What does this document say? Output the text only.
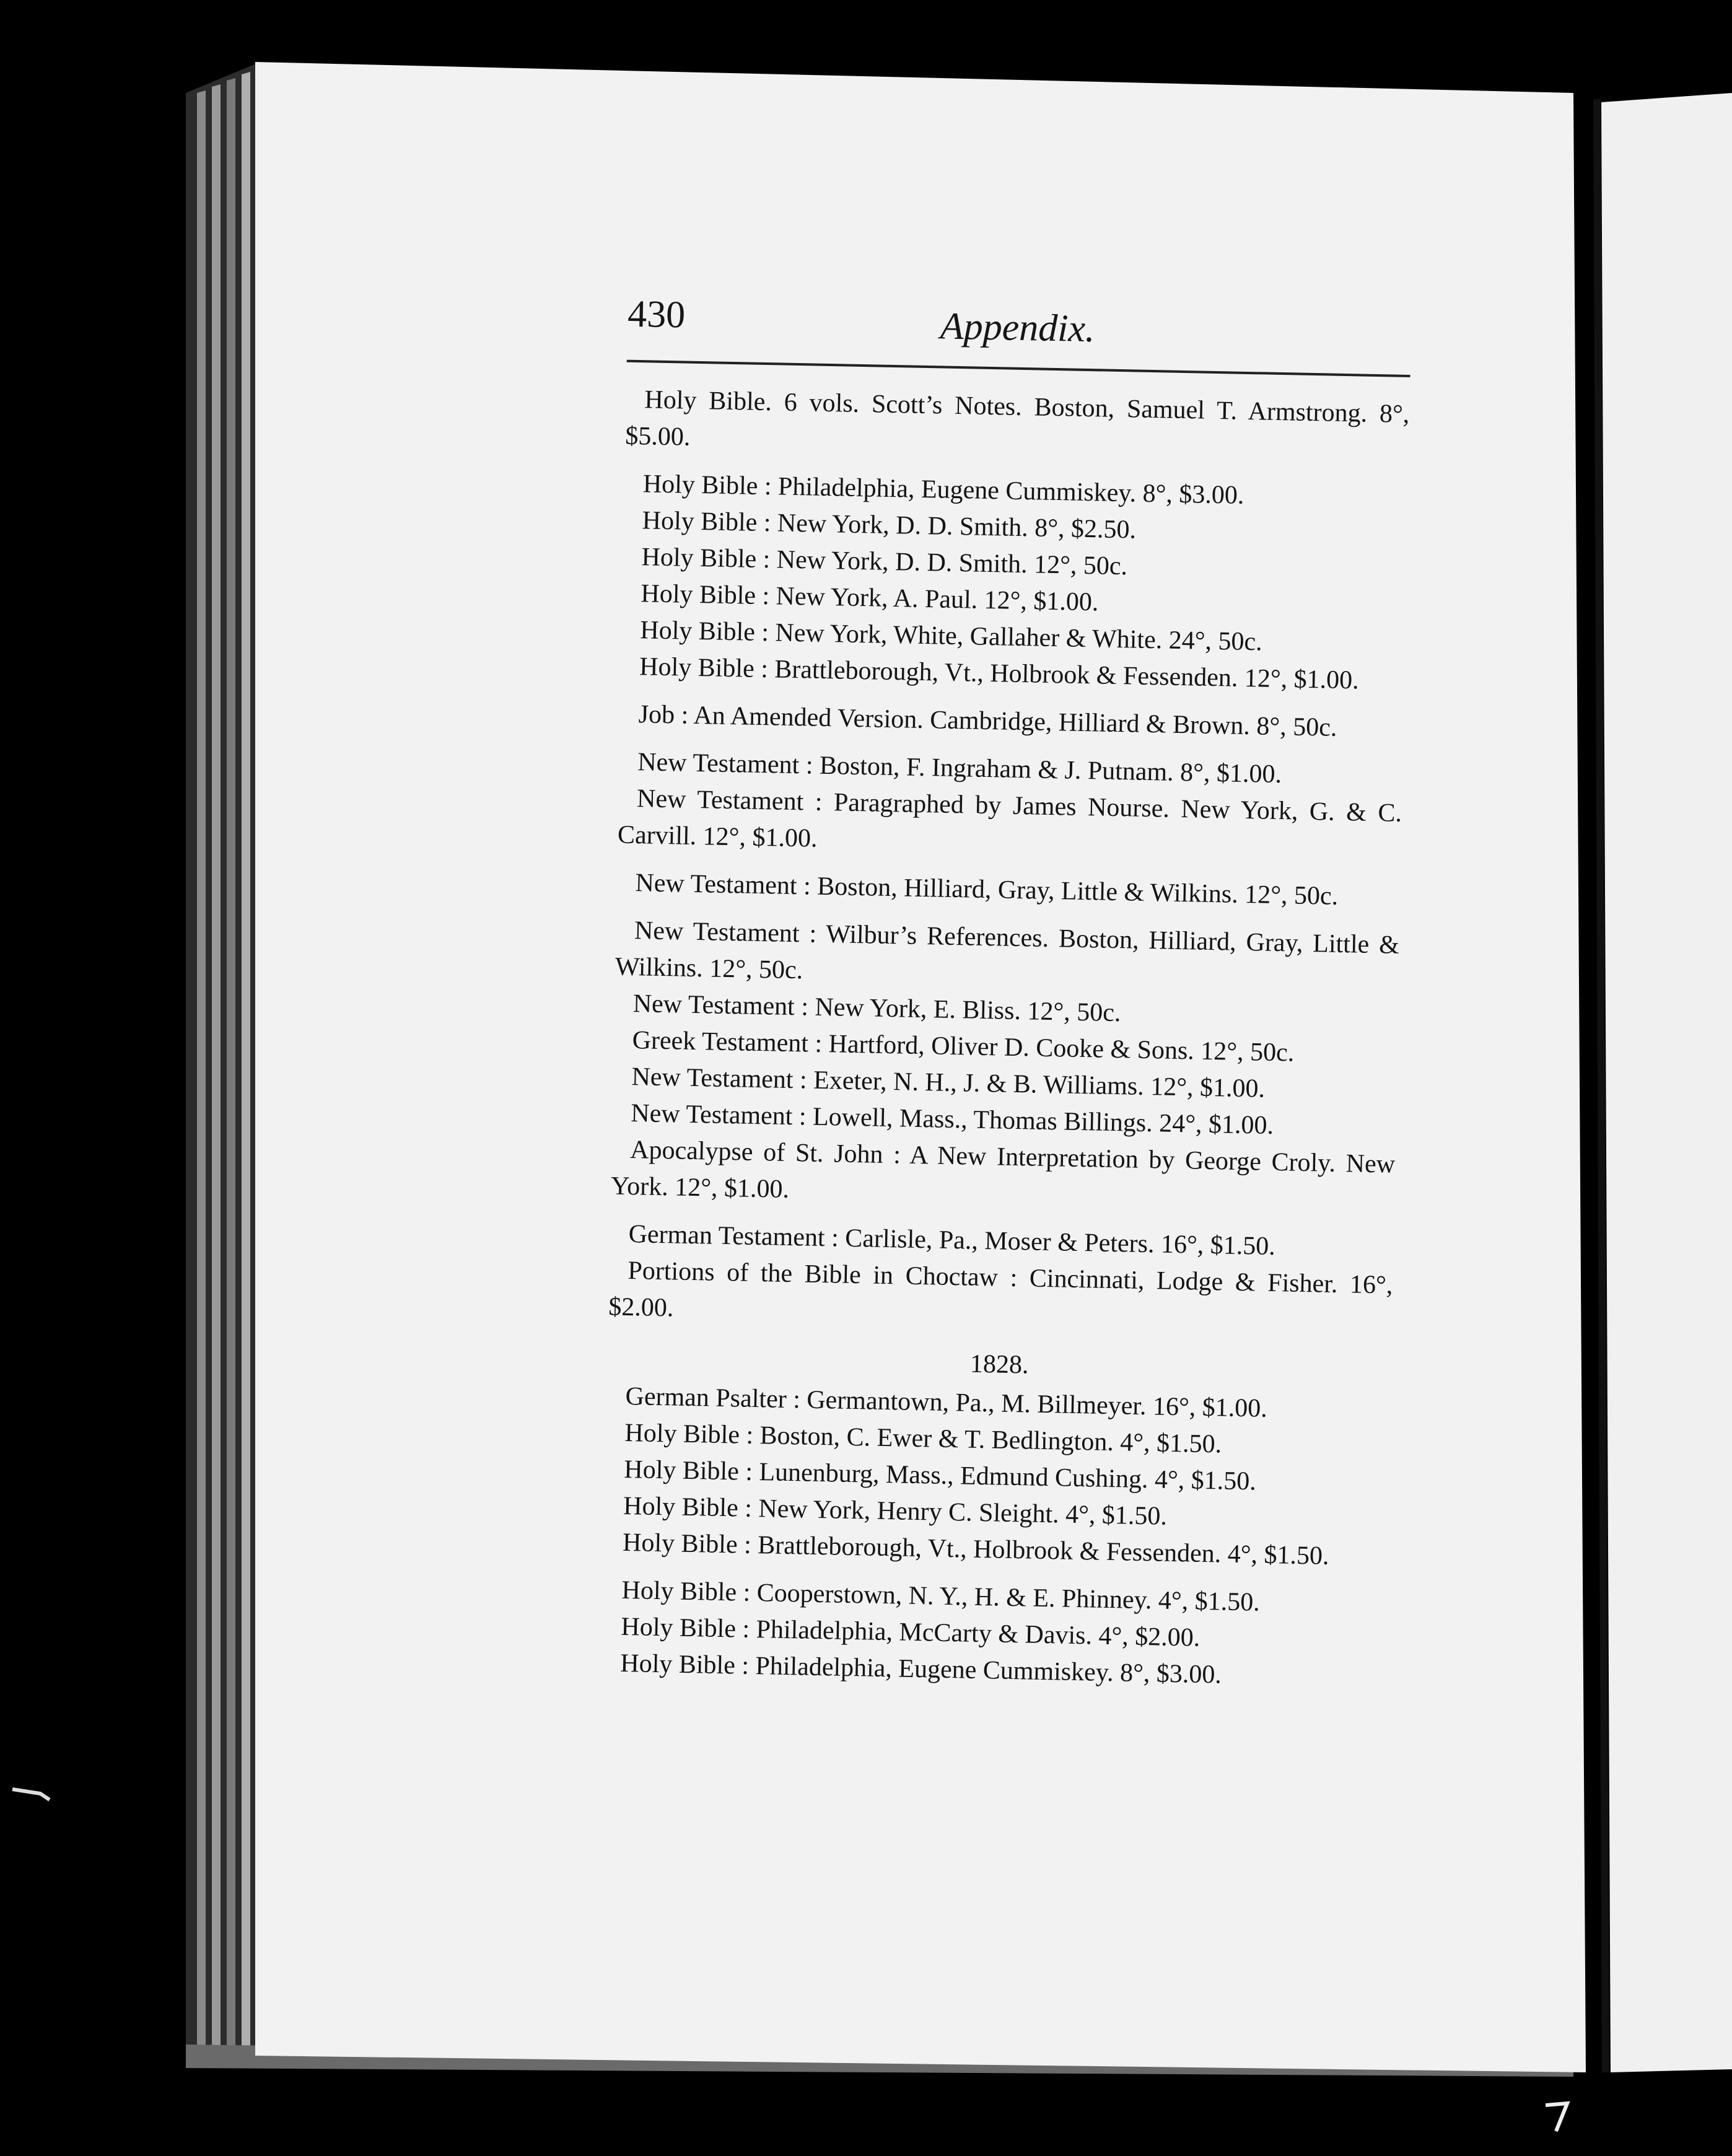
430	Appendix.

Holy Bible. 6 vols. Scott’s Notes. Boston, Samuel T. Armstrong. 8°, $5.00.

Holy Bible : Philadelphia, Eugene Cummiskey. 8°, $3.00.

Holy Bible : New York, D. D. Smith. 8°, $2.50.

Holy Bible : New York, D. D. Smith. 12°, 50c.

Holy Bible : New York, A. Paul. 12°, $1.00.

Holy Bible : New York, White, Gallaher & White. 24°, 50c.

Holy Bible : Brattleborough, Vt., Holbrook & Fessenden. 12°, $1.00.

Job : An Amended Version. Cambridge, Hilliard & Brown. 8°, 50c.

New Testament : Boston, F. Ingraham & J. Putnam. 8°, $1.00.

New Testament : Paragraphed by James Nourse. New York, G. & C. Carvill. 12°, $1.00.

New Testament : Boston, Hilliard, Gray, Little & Wilkins. 12°, 50c.

New Testament : Wilbur’s References. Boston, Hilliard, Gray, Little & Wilkins. 12°, 50c.

New Testament : New York, E. Bliss. 12°, 50c.

Greek Testament : Hartford, Oliver D. Cooke & Sons. 12°, 50c.

New Testament : Exeter, N. H., J. & B. Williams. 12°, $1.00.

New Testament : Lowell, Mass., Thomas Billings. 24°, $1.00.

Apocalypse of St. John : A New Interpretation by George Croly. New York. 12°, $1.00.

German Testament : Carlisle, Pa., Moser & Peters. 16°, $1.50.

Portions of the Bible in Choctaw : Cincinnati, Lodge & Fisher. 16°, $2.00.

1828.

German Psalter : Germantown, Pa., M. Billmeyer. 16°, $1.00.

Holy Bible : Boston, C. Ewer & T. Bedlington. 4°, $1.50.

Holy Bible : Lunenburg, Mass., Edmund Cushing. 4°, $1.50.

Holy Bible : New York, Henry C. Sleight. 4°, $1.50.

Holy Bible : Brattleborough, Vt., Holbrook & Fessenden. 4°, $1.50.

Holy Bible : Cooperstown, N. Y., H. & E. Phinney. 4°, $1.50.

Holy Bible : Philadelphia, McCarty & Davis. 4°, $2.00.

Holy Bible : Philadelphia, Eugene Cummiskey. 8°, $3.00.
